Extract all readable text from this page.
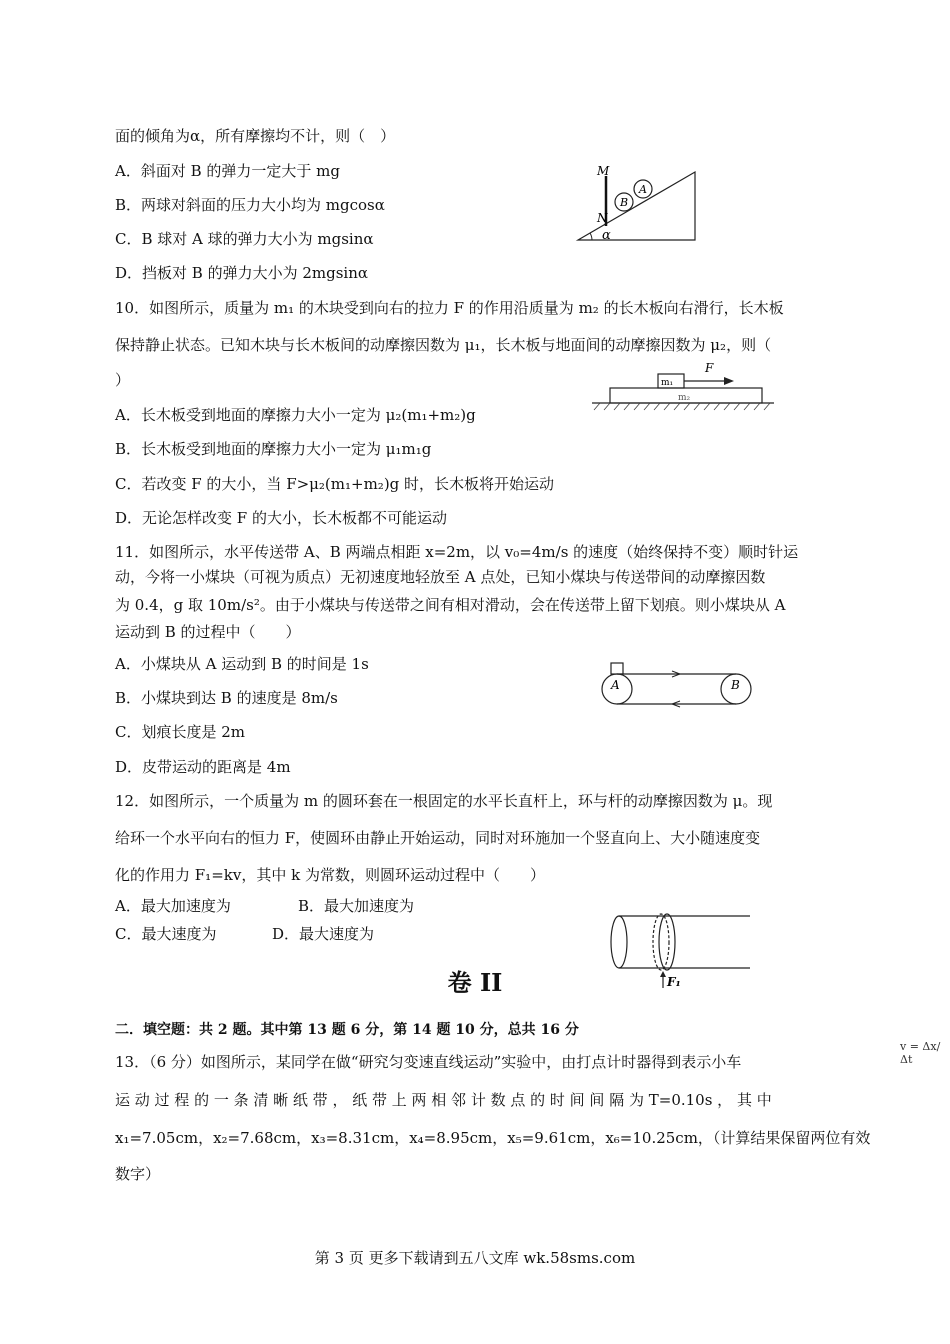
面的倾角为α，所有摩擦均不计，则（　）
A．斜面对 B 的弹力一定大于 mg
B．两球对斜面的压力大小均为 mgcosα
C．B 球对 A 球的弹力大小为 mgsinα
D．挡板对 B 的弹力大小为 2mgsinα
M
A
B
N
α
10．如图所示，质量为 m₁ 的木块受到向右的拉力 F 的作用沿质量为 m₂ 的长木板向右滑行，长木板
保持静止状态。已知木块与长木板间的动摩擦因数为 μ₁，长木板与地面间的动摩擦因数为 μ₂，则（
）
A．长木板受到地面的摩擦力大小一定为 μ₂(m₁+m₂)g
B．长木板受到地面的摩擦力大小一定为 μ₁m₁g
C．若改变 F 的大小，当 F>μ₂(m₁+m₂)g 时，长木板将开始运动
D．无论怎样改变 F 的大小，长木板都不可能运动
F
m₁
m₂
11．如图所示，水平传送带 A、B 两端点相距 x=2m，以 v₀=4m/s 的速度（始终保持不变）顺时针运
动，今将一小煤块（可视为质点）无初速度地轻放至 A 点处，已知小煤块与传送带间的动摩擦因数
为 0.4，g 取 10m/s²。由于小煤块与传送带之间有相对滑动，会在传送带上留下划痕。则小煤块从 A
运动到 B 的过程中（　　）
A．小煤块从 A 运动到 B 的时间是 1s
B．小煤块到达 B 的速度是 8m/s
C．划痕长度是 2m
D．皮带运动的距离是 4m
A	B
12．如图所示，一个质量为 m 的圆环套在一根固定的水平长直杆上，环与杆的动摩擦因数为 μ。现
给环一个水平向右的恒力 F，使圆环由静止开始运动，同时对环施加一个竖直向上、大小随速度变
化的作用力 F₁=kv，其中 k 为常数，则圆环运动过程中（　　）
A．最大加速度为	B．最大加速度为
C．最大速度为	D．最大速度为
F₁
卷 II
二．填空题：共 2 题。其中第 13 题 6 分，第 14 题 10 分，总共 16 分
13．（6 分）如图所示，某同学在做“研究匀变速直线运动”实验中，由打点计时器得到表示小车
运 动 过 程 的 一 条 清 晰 纸 带 ， 纸 带 上 两 相 邻 计 数 点 的 时 间 间 隔 为 T=0.10s ， 其 中
x₁=7.05cm，x₂=7.68cm，x₃=8.31cm，x₄=8.95cm，x₅=9.61cm，x₆=10.25cm，（计算结果保留两位有效
数字）
v = Δx/Δt
第 3 页 更多下载请到五八文库 wk.58sms.com
